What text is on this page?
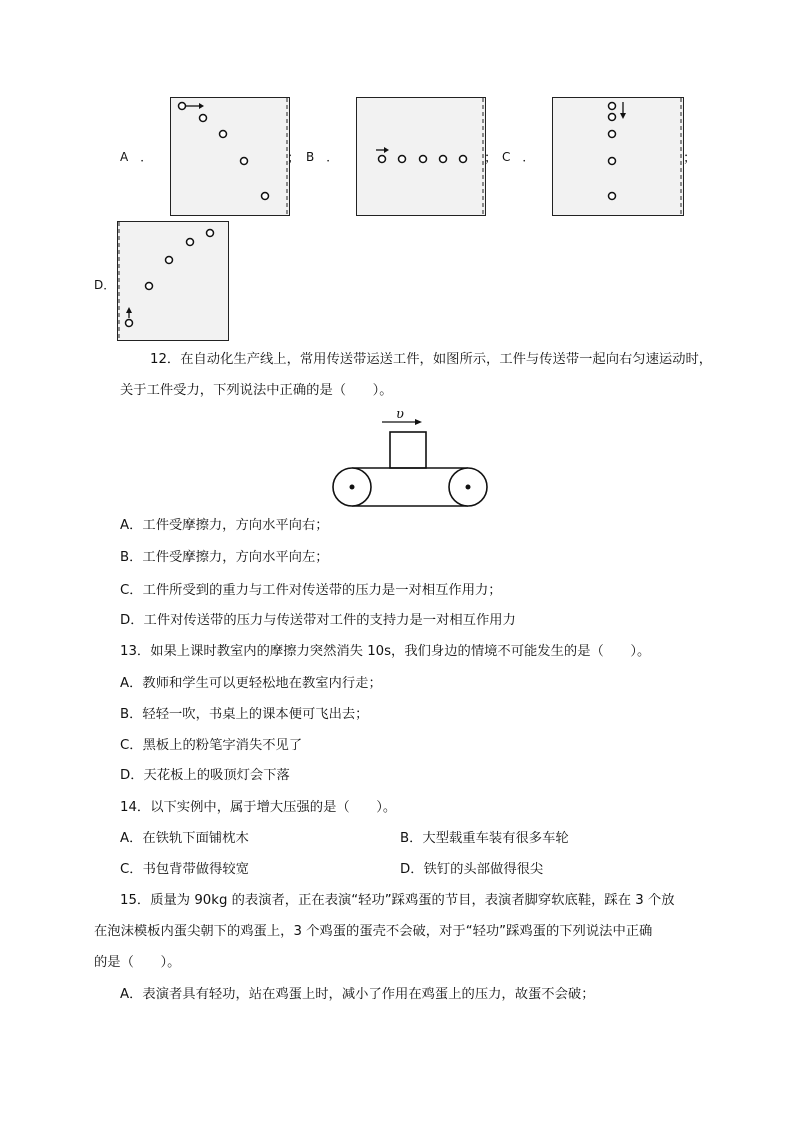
A　．	； B　．	； C　．	；
D．
12．在自动化生产线上，常用传送带运送工件，如图所示，工件与传送带一起向右匀速运动时，
关于工件受力，下列说法中正确的是（　　）。
υ
A．工件受摩擦力，方向水平向右；
B．工件受摩擦力，方向水平向左；
C．工件所受到的重力与工件对传送带的压力是一对相互作用力；
D．工件对传送带的压力与传送带对工件的支持力是一对相互作用力
13．如果上课时教室内的摩擦力突然消失 10s，我们身边的情境不可能发生的是（　　）。
A．教师和学生可以更轻松地在教室内行走；
B．轻轻一吹，书桌上的课本便可飞出去；
C．黑板上的粉笔字消失不见了
D．天花板上的吸顶灯会下落
14．以下实例中，属于增大压强的是（　　）。
A．在铁轨下面铺枕木	B．大型载重车装有很多车轮
C．书包背带做得较宽	D．铁钉的头部做得很尖
15．质量为 90kg 的表演者，正在表演“轻功”踩鸡蛋的节目，表演者脚穿软底鞋，踩在 3 个放
在泡沫模板内蛋尖朝下的鸡蛋上，3 个鸡蛋的蛋壳不会破，对于“轻功”踩鸡蛋的下列说法中正确
的是（　　）。
A．表演者具有轻功，站在鸡蛋上时，减小了作用在鸡蛋上的压力，故蛋不会破；
